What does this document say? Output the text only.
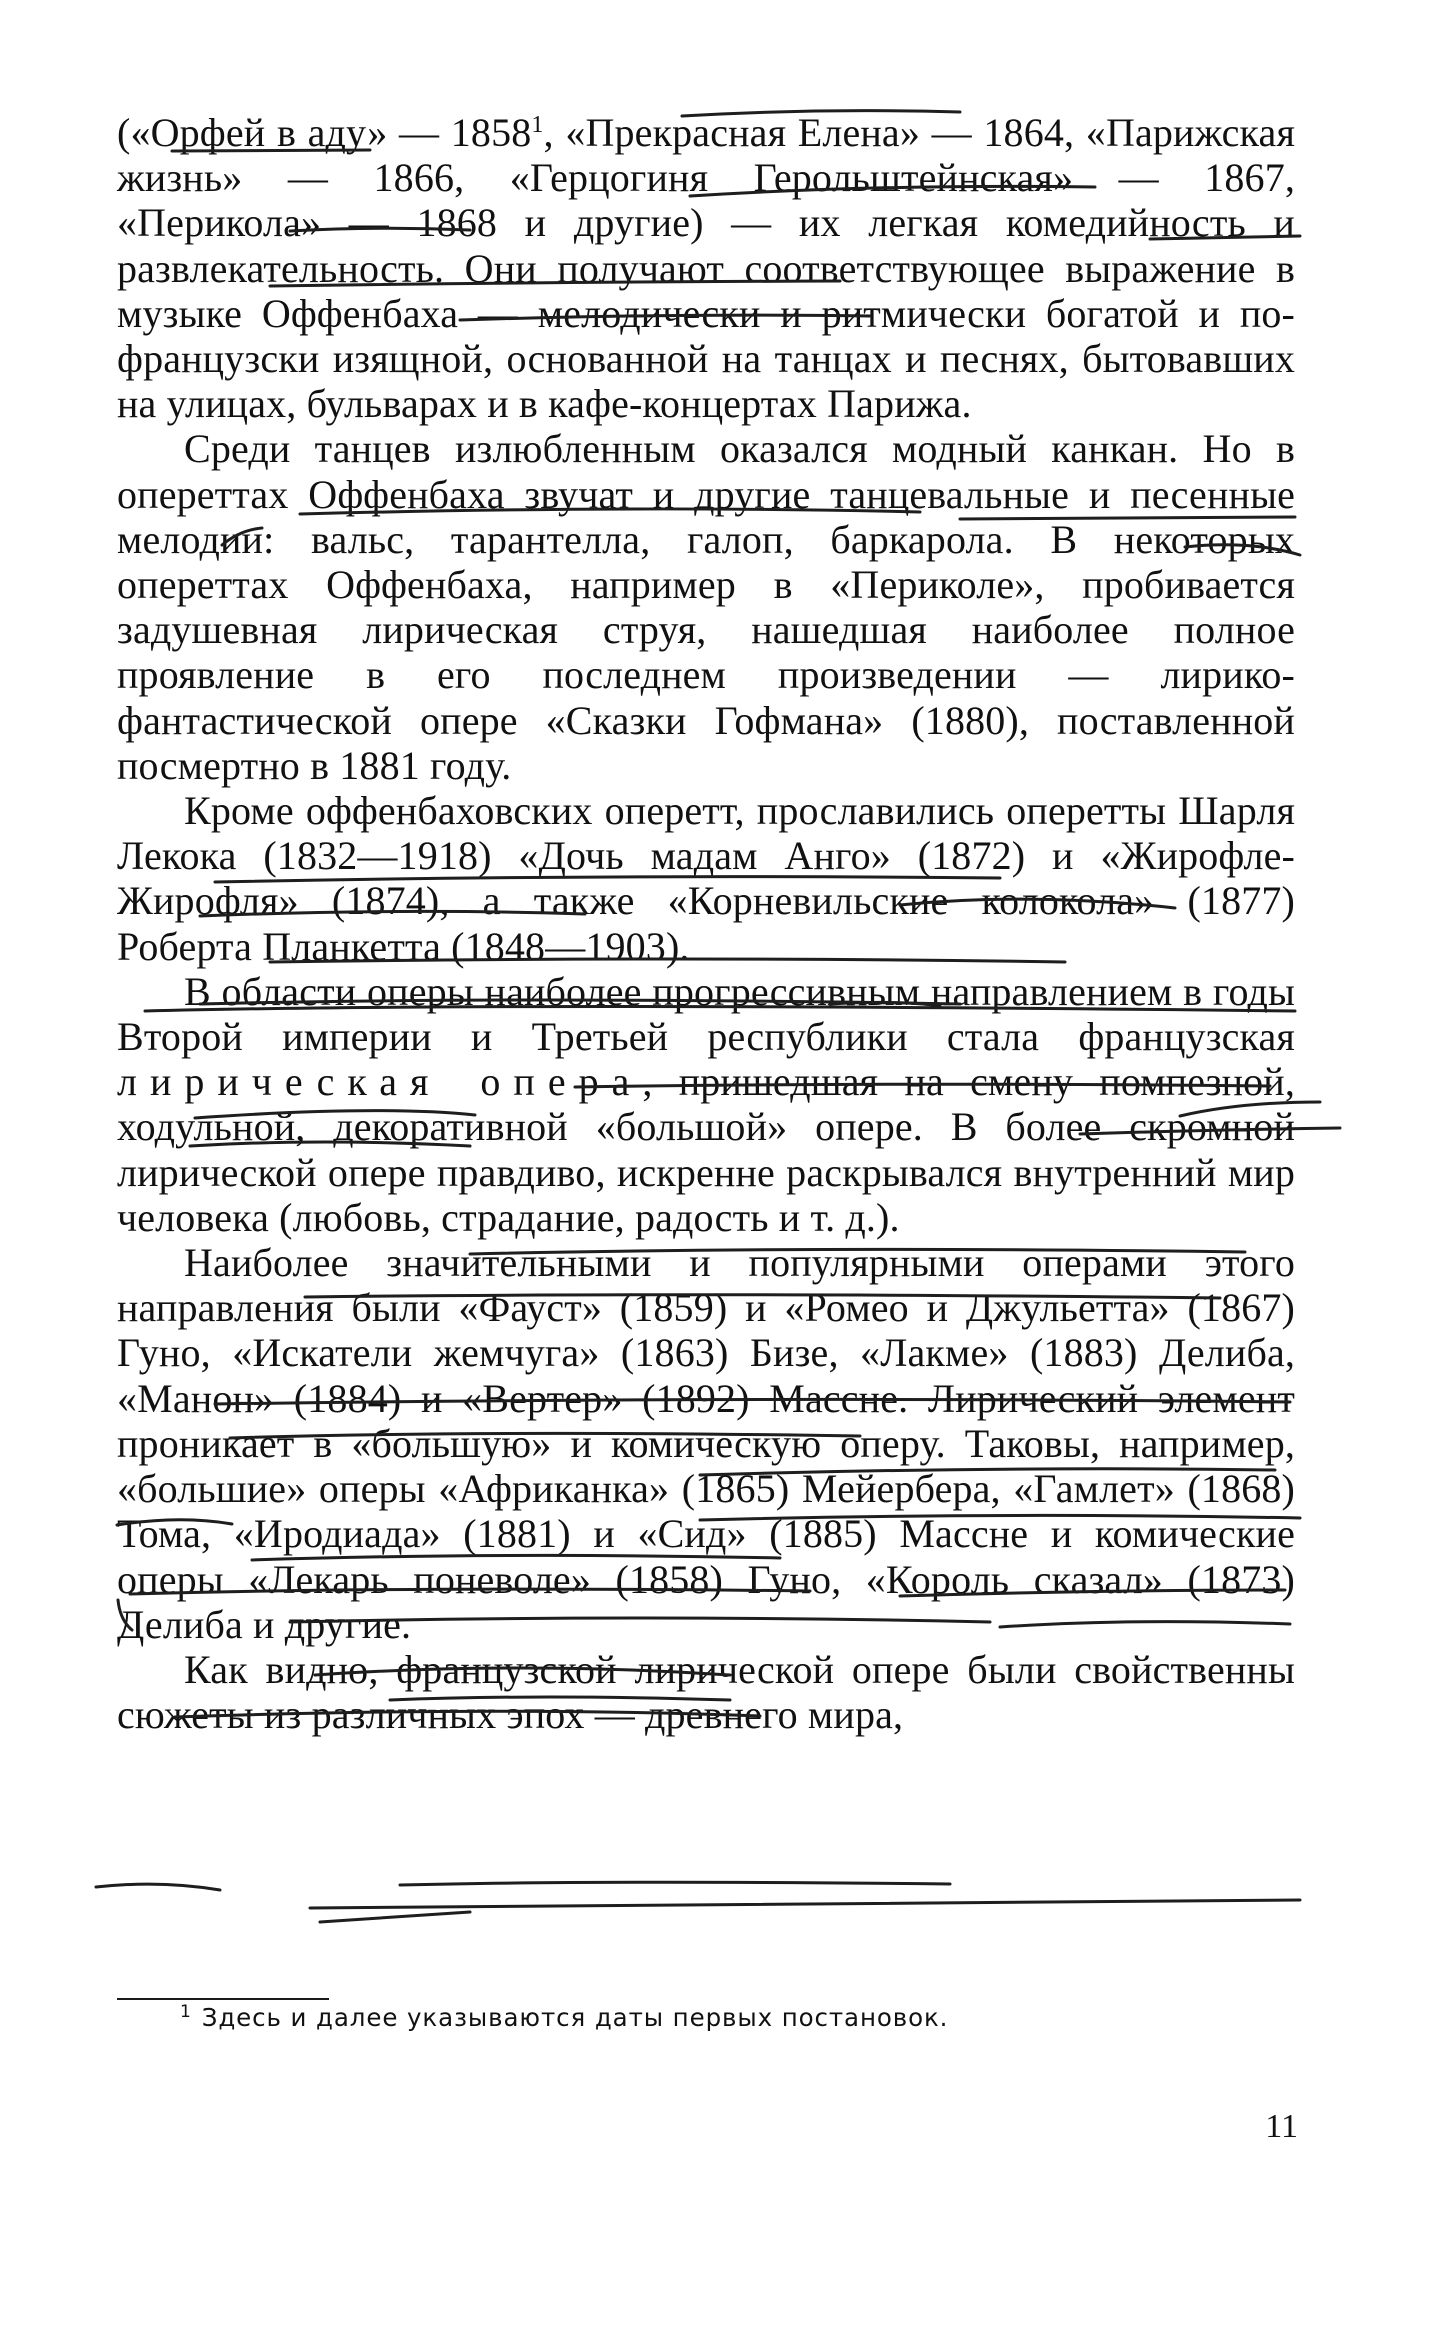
(«Орфей в аду» — 1858$^1$, «Прекрасная Елена» — 1864, «Парижская жизнь» — 1866, «Герцогиня Герольштейнская» — 1867, «Перикола» — 1868 и другие) — их легкая комедийность и развлекательность. Они получают соответствующее выражение в музыке Оффенбаха — мелодически и ритмически богатой и по-французски изящной, основанной на танцах и песнях, бытовавших на улицах, бульварах и в кафе-концертах Парижа.

Среди танцев излюбленным оказался модный канкан. Но в опереттах Оффенбаха звучат и другие танцевальные и песенные мелодии: вальс, тарантелла, галоп, баркарола. В некоторых опереттах Оффенбаха, например в «Периколе», пробивается задушевная лирическая струя, нашедшая наиболее полное проявление в его последнем произведении — лирико-фантастической опере «Сказки Гофмана» (1880), поставленной посмертно в 1881 году.

Кроме оффенбаховских оперетт, прославились оперетты Шарля Лекока (1832—1918) «Дочь мадам Анго» (1872) и «Жирофле-Жирофля» (1874), а также «Корневильские колокола» (1877) Роберта Планкетта (1848—1903).

В области оперы наиболее прогрессивным направлением в годы Второй империи и Третьей республики стала французская лирическая опера, пришедшая на смену помпезной, ходульной, декоративной «большой» опере. В более скромной лирической опере правдиво, искренне раскрывался внутренний мир человека (любовь, страдание, радость и т. д.).

Наиболее значительными и популярными операми этого направления были «Фауст» (1859) и «Ромео и Джульетта» (1867) Гуно, «Искатели жемчуга» (1863) Бизе, «Лакме» (1883) Делиба, «Манон» (1884) и «Вертер» (1892) Массне. Лирический элемент проникает в «большую» и комическую оперу. Таковы, например, «большие» оперы «Африканка» (1865) Мейербера, «Гамлет» (1868) Тома, «Иродиада» (1881) и «Сид» (1885) Массне и комические оперы «Лекарь поневоле» (1858) Гуно, «Король сказал» (1873) Делиба и другие.

Как видно, французской лирической опере были свойственны сюжеты из различных эпох — древнего мира,

$^1$ Здесь и далее указываются даты первых постановок.

11
